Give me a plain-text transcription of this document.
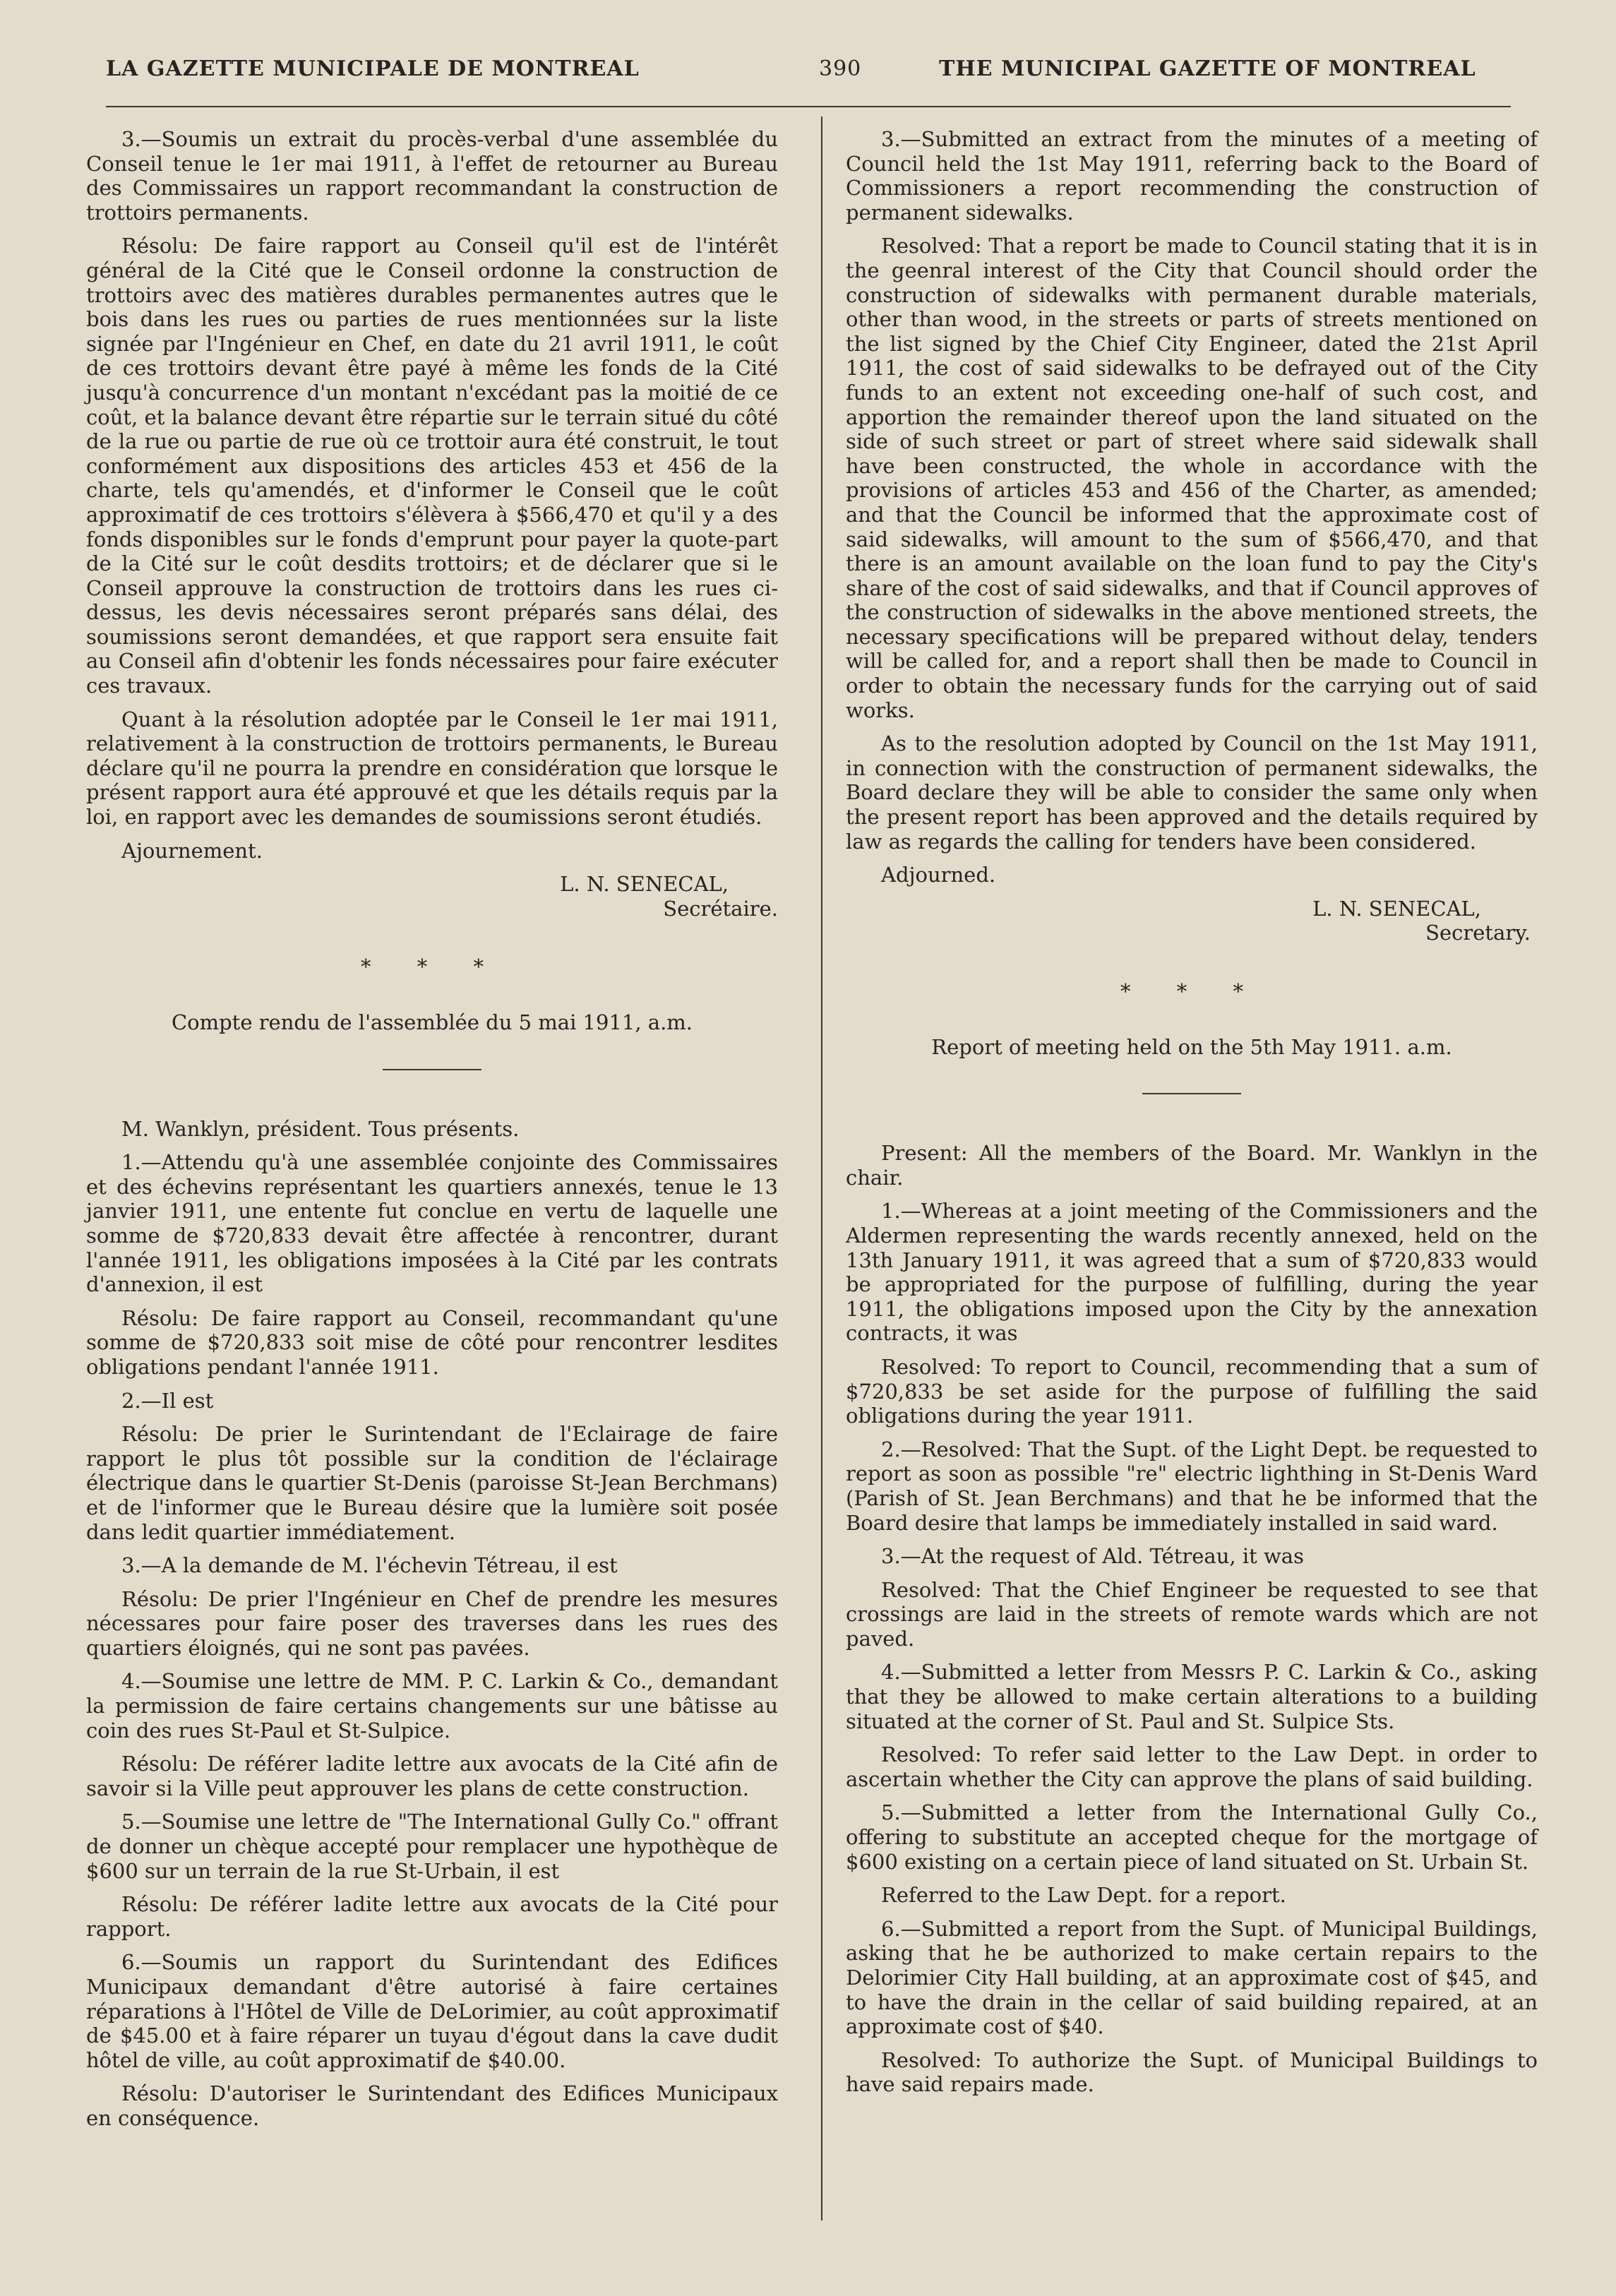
LA GAZETTE MUNICIPALE DE MONTREAL	390	THE MUNICIPAL GAZETTE OF MONTREAL

3.—Soumis un extrait du procès-verbal d'une assemblée du Conseil tenue le 1er mai 1911, à l'effet de retourner au Bureau des Commissaires un rapport recommandant la construction de trottoirs permanents.

Résolu: De faire rapport au Conseil qu'il est de l'intérêt général de la Cité que le Conseil ordonne la construction de trottoirs avec des matières durables permanentes autres que le bois dans les rues ou parties de rues mentionnées sur la liste signée par l'Ingénieur en Chef, en date du 21 avril 1911, le coût de ces trottoirs devant être payé à même les fonds de la Cité jusqu'à concurrence d'un montant n'excédant pas la moitié de ce coût, et la balance devant être répartie sur le terrain situé du côté de la rue ou partie de rue où ce trottoir aura été construit, le tout conformément aux dispositions des articles 453 et 456 de la charte, tels qu'amendés, et d'informer le Conseil que le coût approximatif de ces trottoirs s'élèvera à $566,470 et qu'il y a des fonds disponibles sur le fonds d'emprunt pour payer la quote-part de la Cité sur le coût desdits trottoirs; et de déclarer que si le Conseil approuve la construction de trottoirs dans les rues ci-dessus, les devis nécessaires seront préparés sans délai, des soumissions seront demandées, et que rapport sera ensuite fait au Conseil afin d'obtenir les fonds nécessaires pour faire exécuter ces travaux.

Quant à la résolution adoptée par le Conseil le 1er mai 1911, relativement à la construction de trottoirs permanents, le Bureau déclare qu'il ne pourra la prendre en considération que lorsque le présent rapport aura été approuvé et que les détails requis par la loi, en rapport avec les demandes de soumissions seront étudiés.

Ajournement.

L. N. SENECAL,

Secrétaire.

* * *

Compte rendu de l'assemblée du 5 mai 1911, a.m.

M. Wanklyn, président. Tous présents.

1.—Attendu qu'à une assemblée conjointe des Commissaires et des échevins représentant les quartiers annexés, tenue le 13 janvier 1911, une entente fut conclue en vertu de laquelle une somme de $720,833 devait être affectée à rencontrer, durant l'année 1911, les obligations imposées à la Cité par les contrats d'annexion, il est

Résolu: De faire rapport au Conseil, recommandant qu'une somme de $720,833 soit mise de côté pour rencontrer lesdites obligations pendant l'année 1911.

2.—Il est

Résolu: De prier le Surintendant de l'Eclairage de faire rapport le plus tôt possible sur la condition de l'éclairage électrique dans le quartier St-Denis (paroisse St-Jean Berchmans) et de l'informer que le Bureau désire que la lumière soit posée dans ledit quartier immédiatement.

3.—A la demande de M. l'échevin Tétreau, il est

Résolu: De prier l'Ingénieur en Chef de prendre les mesures nécessares pour faire poser des traverses dans les rues des quartiers éloignés, qui ne sont pas pavées.

4.—Soumise une lettre de MM. P. C. Larkin & Co., demandant la permission de faire certains changements sur une bâtisse au coin des rues St-Paul et St-Sulpice.

Résolu: De référer ladite lettre aux avocats de la Cité afin de savoir si la Ville peut approuver les plans de cette construction.

5.—Soumise une lettre de "The International Gully Co." offrant de donner un chèque accepté pour remplacer une hypothèque de $600 sur un terrain de la rue St-Urbain, il est

Résolu: De référer ladite lettre aux avocats de la Cité pour rapport.

6.—Soumis un rapport du Surintendant des Edifices Municipaux demandant d'être autorisé à faire certaines réparations à l'Hôtel de Ville de DeLorimier, au coût approximatif de $45.00 et à faire réparer un tuyau d'égout dans la cave dudit hôtel de ville, au coût approximatif de $40.00.

Résolu: D'autoriser le Surintendant des Edifices Municipaux en conséquence.

3.—Submitted an extract from the minutes of a meeting of Council held the 1st May 1911, referring back to the Board of Commissioners a report recommending the construction of permanent sidewalks.

Resolved: That a report be made to Council stating that it is in the geenral interest of the City that Council should order the construction of sidewalks with permanent durable materials, other than wood, in the streets or parts of streets mentioned on the list signed by the Chief City Engineer, dated the 21st April 1911, the cost of said sidewalks to be defrayed out of the City funds to an extent not exceeding one-half of such cost, and apportion the remainder thereof upon the land situated on the side of such street or part of street where said sidewalk shall have been constructed, the whole in accordance with the provisions of articles 453 and 456 of the Charter, as amended; and that the Council be informed that the approximate cost of said sidewalks, will amount to the sum of $566,470, and that there is an amount available on the loan fund to pay the City's share of the cost of said sidewalks, and that if Council approves of the construction of sidewalks in the above mentioned streets, the necessary specifications will be prepared without delay, tenders will be called for, and a report shall then be made to Council in order to obtain the necessary funds for the carrying out of said works.

As to the resolution adopted by Council on the 1st May 1911, in connection with the construction of permanent sidewalks, the Board declare they will be able to consider the same only when the present report has been approved and the details required by law as regards the calling for tenders have been considered.

Adjourned.

L. N. SENECAL,

Secretary.

* * *

Report of meeting held on the 5th May 1911. a.m.

Present: All the members of the Board. Mr. Wanklyn in the chair.

1.—Whereas at a joint meeting of the Commissioners and the Aldermen representing the wards recently annexed, held on the 13th January 1911, it was agreed that a sum of $720,833 would be appropriated for the purpose of fulfilling, during the year 1911, the obligations imposed upon the City by the annexation contracts, it was

Resolved: To report to Council, recommending that a sum of $720,833 be set aside for the purpose of fulfilling the said obligations during the year 1911.

2.—Resolved: That the Supt. of the Light Dept. be requested to report as soon as possible "re" electric lighthing in St-Denis Ward (Parish of St. Jean Berchmans) and that he be informed that the Board desire that lamps be immediately installed in said ward.

3.—At the request of Ald. Tétreau, it was

Resolved: That the Chief Engineer be requested to see that crossings are laid in the streets of remote wards which are not paved.

4.—Submitted a letter from Messrs P. C. Larkin & Co., asking that they be allowed to make certain alterations to a building situated at the corner of St. Paul and St. Sulpice Sts.

Resolved: To refer said letter to the Law Dept. in order to ascertain whether the City can approve the plans of said building.

5.—Submitted a letter from the International Gully Co., offering to substitute an accepted cheque for the mortgage of $600 existing on a certain piece of land situated on St. Urbain St.

Referred to the Law Dept. for a report.

6.—Submitted a report from the Supt. of Municipal Buildings, asking that he be authorized to make certain repairs to the Delorimier City Hall building, at an approximate cost of $45, and to have the drain in the cellar of said building repaired, at an approximate cost of $40.

Resolved: To authorize the Supt. of Municipal Buildings to have said repairs made.
